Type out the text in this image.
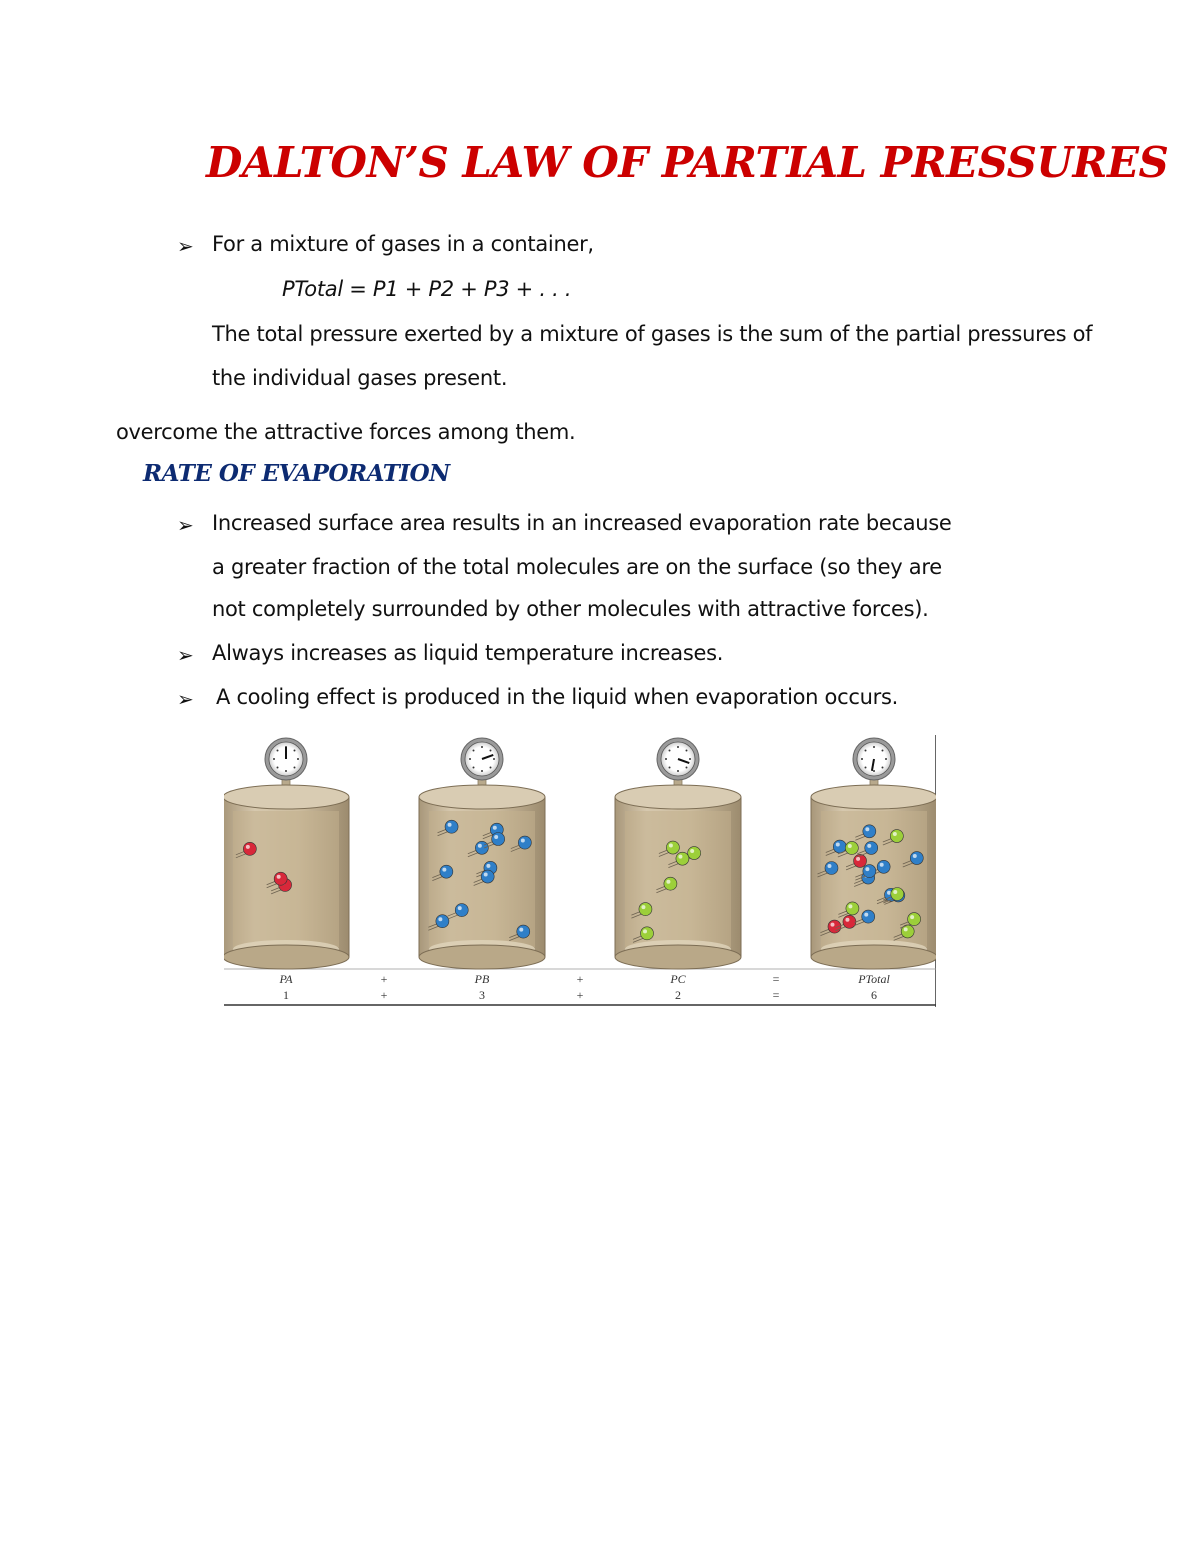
DALTON’S LAW OF PARTIAL PRESSURES
➢ For a mixture of gases in a container,
PTotal = P1 + P2 + P3 + . . .
The total pressure exerted by a mixture of gases is the sum of the partial pressures of
the individual gases present.
overcome the attractive forces among them.
RATE OF EVAPORATION
➢ Increased surface area results in an increased evaporation rate because
a greater fraction of the total molecules are on the surface (so they are
not completely surrounded by other molecules with attractive forces).
➢ Always increases as liquid temperature increases.
➢	A cooling effect is produced in the liquid when evaporation occurs.
PA	+	PB	+	PC	=	PTotal
1	+	3	+	2	=	6
